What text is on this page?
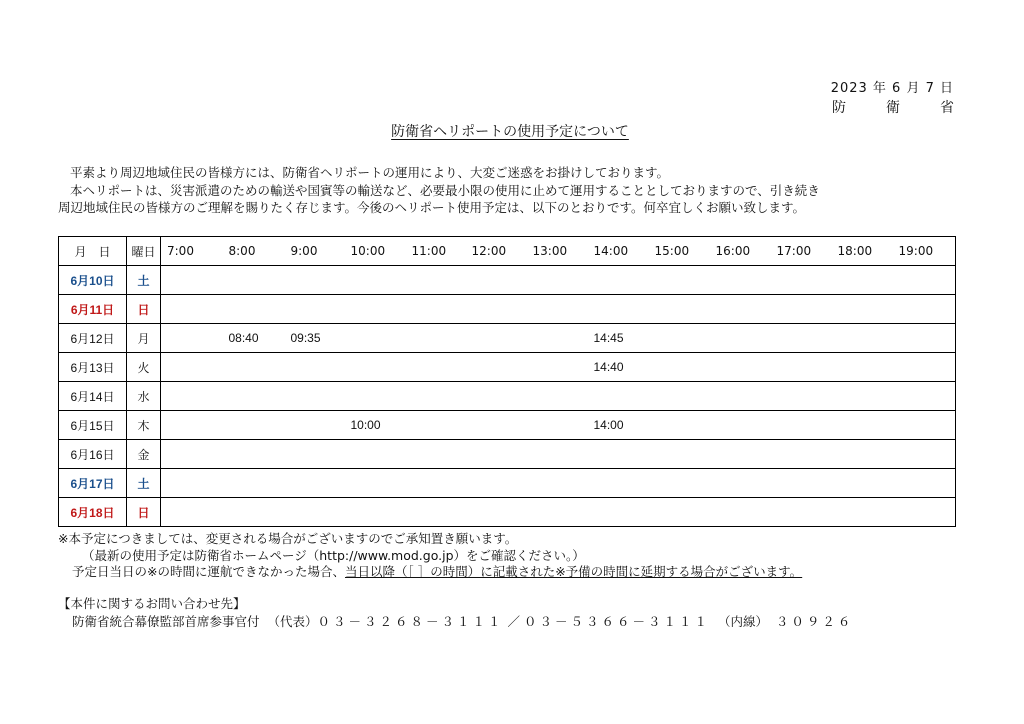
2023 年 6 月 7 日
防 衛 省
防衛省ヘリポートの使用予定について

平素より周辺地域住民の皆様方には、防衛省ヘリポートの運用により、大変ご迷惑をお掛けしております。

本ヘリポートは、災害派遣のための輸送や国賓等の輸送など、必要最小限の使用に止めて運用することとしておりますので、引き続き

周辺地域住民の皆様方のご理解を賜りたく存じます。今後のヘリポート使用予定は、以下のとおりです。何卒宜しくお願い致します。

月　日	曜日	7:00	8:00	9:00	10:00	11:00	12:00	13:00	14:00	15:00	16:00	17:00	18:00	19:00
6月10日	土													
6月11日	日													
6月12日	月		08:40	09:35					14:45					
6月13日	火								14:40					
6月14日	水													
6月15日	木				10:00				14:00					
6月16日	金													
6月17日	土													
6月18日	日													

※本予定につきましては、変更される場合がございますのでご承知置き願います。

（最新の使用予定は防衛省ホームページ（http://www.mod.go.jp）をご確認ください。）

予定日当日の※の時間に運航できなかった場合、当日以降（［ ］の時間）に記載された※予備の時間に延期する場合がございます。

【本件に関するお問い合わせ先】

防衛省統合幕僚監部首席参事官付 （代表）０３－３２６８－３１１１ ／ ０３－５３６６－３１１１ （内線） ３０９２６
